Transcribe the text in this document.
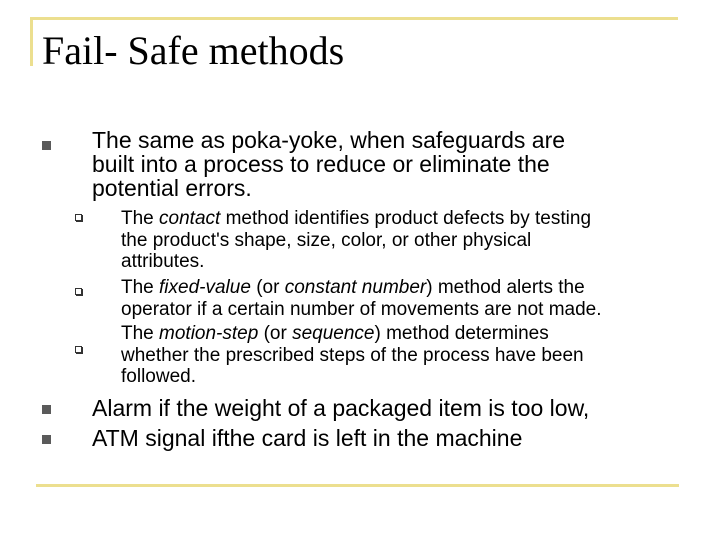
Fail- Safe methods
The same as poka-yoke, when safeguards are
built into a process to reduce or eliminate the
potential errors.
The contact method identifies product defects by testing
the product's shape, size, color, or other physical
attributes.
The fixed-value (or constant number) method alerts the
operator if a certain number of movements are not made.
The motion-step (or sequence) method determines
whether the prescribed steps of the process have been
followed.
Alarm if the weight of a packaged item is too low,
ATM signal ifthe card is left in the machine
